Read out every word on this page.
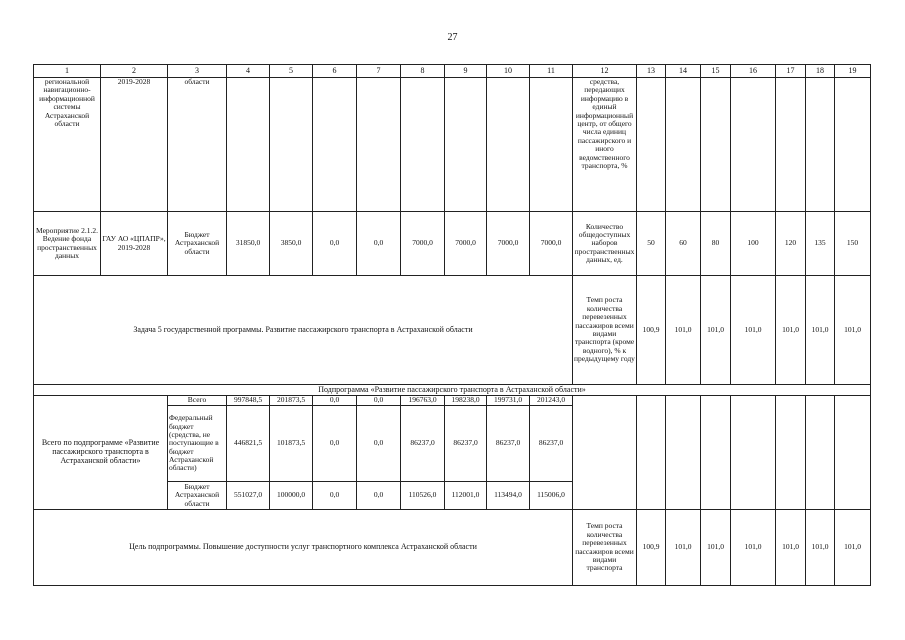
27
1	2	3	4	5	6	7	8	9	10	11	12	13	14	15	16	17	18	19
региональной навигационно-информационной системы Астраханской области	2019-2028	области									средства, передающих информацию в единый информационный центр, от общего числа единиц пассажирского и иного ведомственного транспорта, %							
Мероприятие 2.1.2. Ведение фонда пространственных данных	ГАУ АО «ЦПАПР», 2019-2028	Бюджет Астраханской области	31850,0	3850,0	0,0	0,0	7000,0	7000,0	7000,0	7000,0	Количество общедоступных наборов пространственных данных, ед.	50	60	80	100	120	135	150
Задача 5 государственной программы. Развитие пассажирского транспорта в Астраханской области											Темп роста количества перевезенных пассажиров всеми видами транспорта (кроме водного), % к предыдущему году	100,9	101,0	101,0	101,0	101,0	101,0	101,0
Подпрограмма «Развитие пассажирского транспорта в Астраханской области»																		
Всего по подпрограмме «Развитие пассажирского транспорта в Астраханской области»		Всего	997848,5	201873,5	0,0	0,0	196763,0	198238,0	199731,0	201243,0								
		Федеральный бюджет (средства, не поступающие в бюджет Астраханской области)	446821,5	101873,5	0,0	0,0	86237,0	86237,0	86237,0	86237,0								
		Бюджет Астраханской области	551027,0	100000,0	0,0	0,0	110526,0	112001,0	113494,0	115006,0								
Цель подпрограммы. Повышение доступности услуг транспортного комплекса Астраханской области											Темп роста количества перевезенных пассажиров всеми видами транспорта	100,9	101,0	101,0	101,0	101,0	101,0	101,0
